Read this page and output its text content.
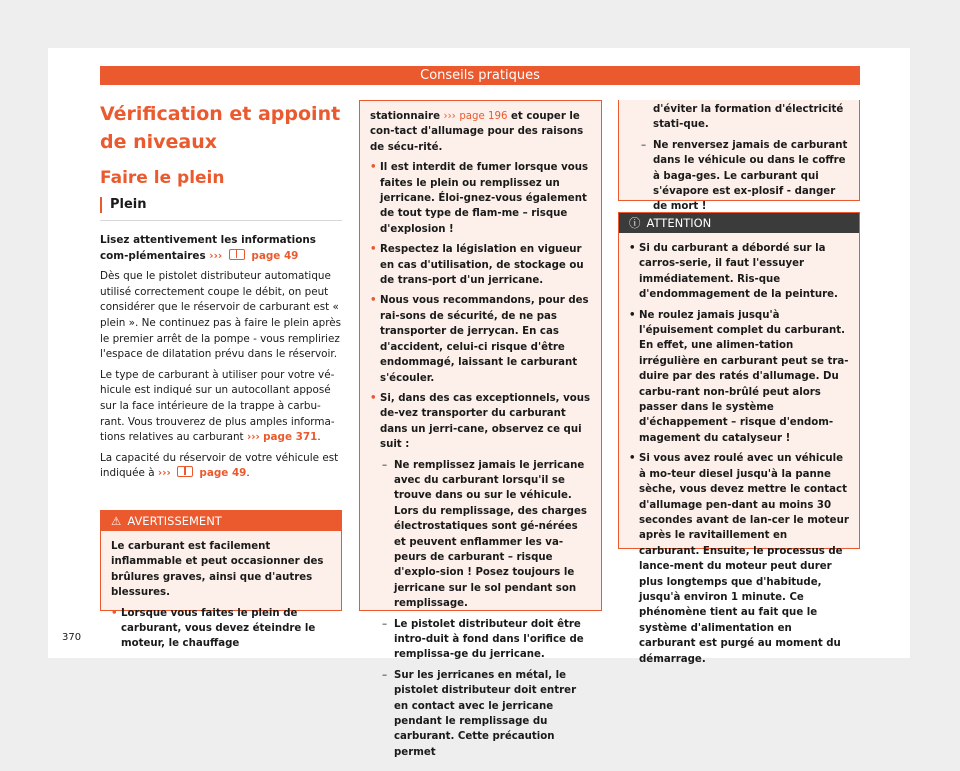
Conseils pratiques
Vérification et appoint de niveaux
Faire le plein
Plein

Lisez attentivement les informations com-plémentaires ›››	page 49

Dès que le pistolet distributeur automatique utilisé correctement coupe le débit, on peut considérer que le réservoir de carburant est « plein ». Ne continuez pas à faire le plein après le premier arrêt de la pompe - vous rempliriez l'espace de dilatation prévu dans le réservoir.

Le type de carburant à utiliser pour votre vé-hicule est indiqué sur un autocollant apposé sur la face intérieure de la trappe à carbu-rant. Vous trouverez de plus amples informa-tions relatives au carburant ››› page 371.

La capacité du réservoir de votre véhicule est indiquée à ›››	page 49.

⚠ AVERTISSEMENT

Le carburant est facilement inflammable et peut occasionner des brûlures graves, ainsi que d'autres blessures.

• Lorsque vous faites le plein de carburant, vous devez éteindre le moteur, le chauffage

stationnaire ››› page 196 et couper le con-tact d'allumage pour des raisons de sécu-rité.

• Il est interdit de fumer lorsque vous faites le plein ou remplissez un jerricane. Éloi-gnez-vous également de tout type de flam-me – risque d'explosion !

• Respectez la législation en vigueur en cas d'utilisation, de stockage ou de trans-port d'un jerricane.

• Nous vous recommandons, pour des rai-sons de sécurité, de ne pas transporter de jerrycan. En cas d'accident, celui-ci risque d'être endommagé, laissant le carburant s'écouler.

• Si, dans des cas exceptionnels, vous de-vez transporter du carburant dans un jerri-cane, observez ce qui suit :

– Ne remplissez jamais le jerricane avec du carburant lorsqu'il se trouve dans ou sur le véhicule. Lors du remplissage, des charges électrostatiques sont gé-nérées et peuvent enflammer les va-peurs de carburant – risque d'explo-sion ! Posez toujours le jerricane sur le sol pendant son remplissage.

– Le pistolet distributeur doit être intro-duit à fond dans l'orifice de remplissa-ge du jerricane.

– Sur les jerricanes en métal, le pistolet distributeur doit entrer en contact avec le jerricane pendant le remplissage du carburant. Cette précaution permet

d'éviter la formation d'électricité stati-que.

– Ne renversez jamais de carburant dans le véhicule ou dans le coffre à baga-ges. Le carburant qui s'évapore est ex-plosif - danger de mort !

ⓘ ATTENTION

• Si du carburant a débordé sur la carros-serie, il faut l'essuyer immédiatement. Ris-que d'endommagement de la peinture.

• Ne roulez jamais jusqu'à l'épuisement complet du carburant. En effet, une alimen-tation irrégulière en carburant peut se tra-duire par des ratés d'allumage. Du carbu-rant non-brûlé peut alors passer dans le système d'échappement – risque d'endom-magement du catalyseur !

• Si vous avez roulé avec un véhicule à mo-teur diesel jusqu'à la panne sèche, vous devez mettre le contact d'allumage pen-dant au moins 30 secondes avant de lan-cer le moteur après le ravitaillement en carburant. Ensuite, le processus de lance-ment du moteur peut durer plus longtemps que d'habitude, jusqu'à environ 1 minute. Ce phénomène tient au fait que le système d'alimentation en carburant est purgé au moment du démarrage.

370
